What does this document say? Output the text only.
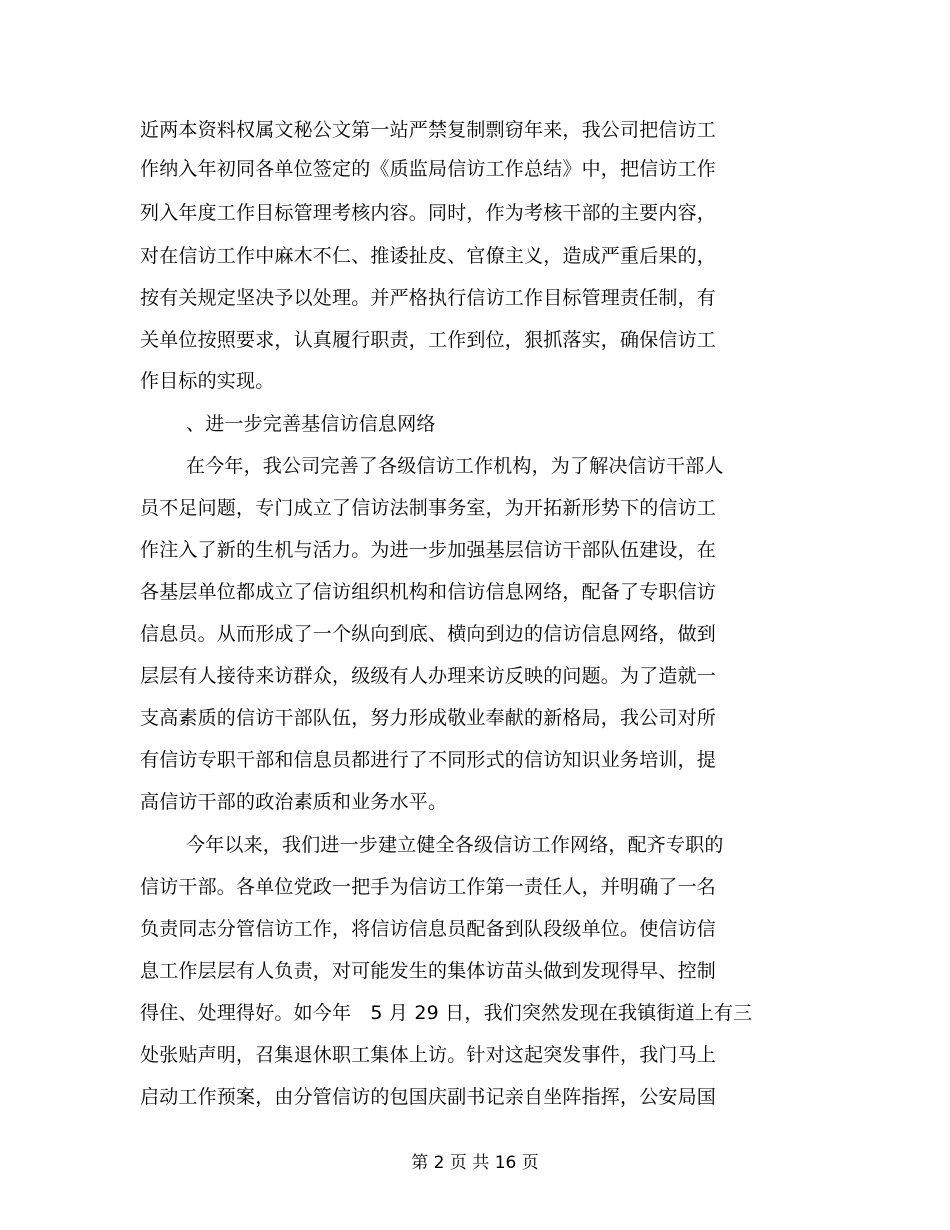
近两本资料权属文秘公文第一站严禁复制剽窃年来，我公司把信访工
作纳入年初同各单位签定的《质监局信访工作总结》中，把信访工作
列入年度工作目标管理考核内容。同时，作为考核干部的主要内容，
对在信访工作中麻木不仁、推诿扯皮、官僚主义，造成严重后果的，
按有关规定坚决予以处理。并严格执行信访工作目标管理责任制，有
关单位按照要求，认真履行职责，工作到位，狠抓落实，确保信访工
作目标的实现。
、进一步完善基信访信息网络
在今年，我公司完善了各级信访工作机构，为了解决信访干部人
员不足问题，专门成立了信访法制事务室，为开拓新形势下的信访工
作注入了新的生机与活力。为进一步加强基层信访干部队伍建设，在
各基层单位都成立了信访组织机构和信访信息网络，配备了专职信访
信息员。从而形成了一个纵向到底、横向到边的信访信息网络，做到
层层有人接待来访群众，级级有人办理来访反映的问题。为了造就一
支高素质的信访干部队伍，努力形成敬业奉献的新格局，我公司对所
有信访专职干部和信息员都进行了不同形式的信访知识业务培训，提
高信访干部的政治素质和业务水平。
今年以来，我们进一步建立健全各级信访工作网络，配齐专职的
信访干部。各单位党政一把手为信访工作第一责任人，并明确了一名
负责同志分管信访工作，将信访信息员配备到队段级单位。使信访信
息工作层层有人负责，对可能发生的集体访苗头做到发现得早、控制
得住、处理得好。如今年　5 月 29 日，我们突然发现在我镇街道上有三
处张贴声明，召集退休职工集体上访。针对这起突发事件，我门马上
启动工作预案，由分管信访的包国庆副书记亲自坐阵指挥，公安局国
第 2 页 共 16 页
